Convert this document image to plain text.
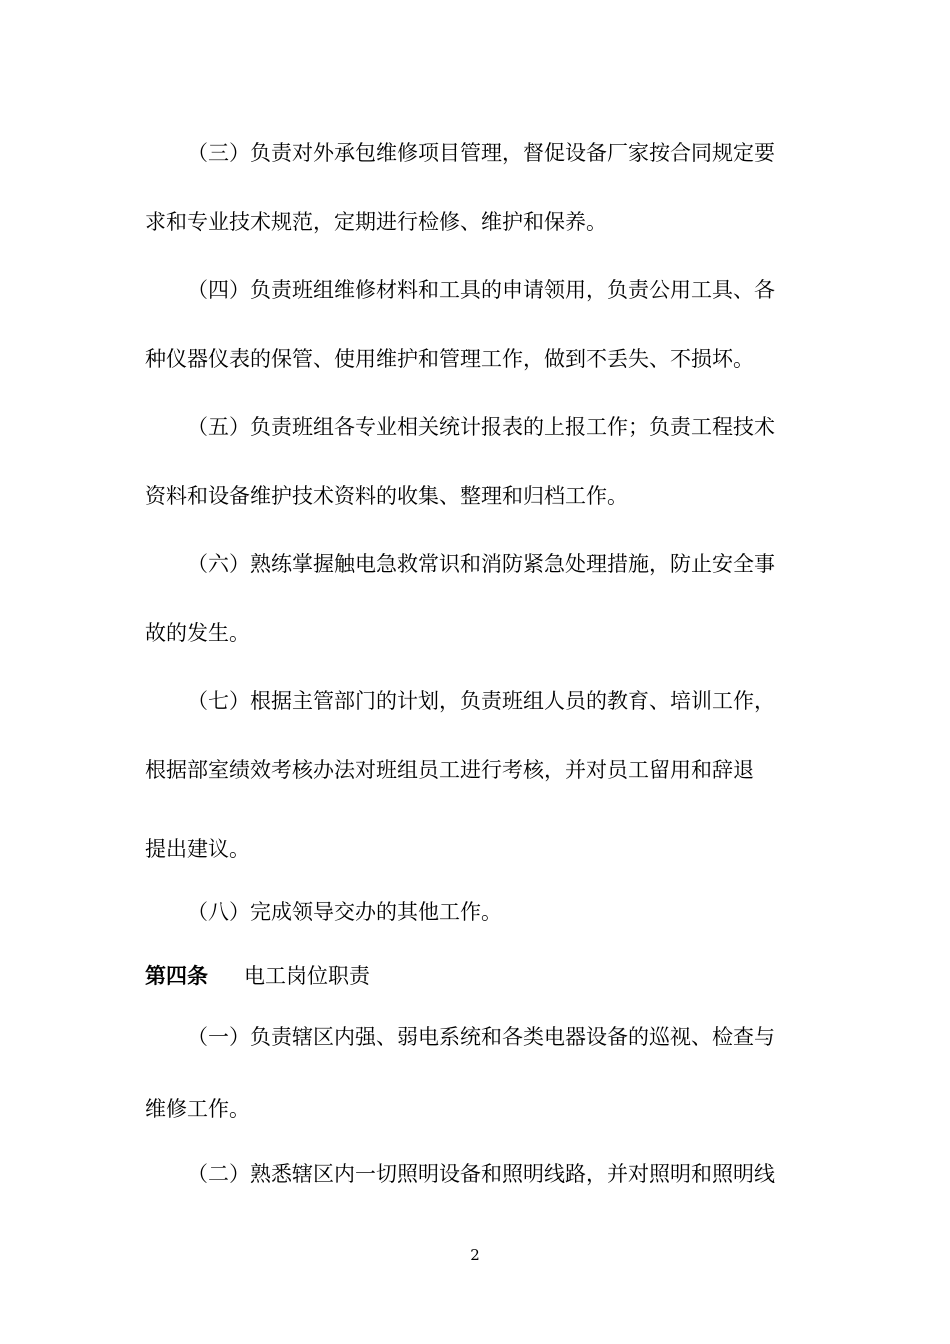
（三）负责对外承包维修项目管理，督促设备厂家按合同规定要
求和专业技术规范，定期进行检修、维护和保养。
（四）负责班组维修材料和工具的申请领用，负责公用工具、各
种仪器仪表的保管、使用维护和管理工作，做到不丢失、不损坏。
（五）负责班组各专业相关统计报表的上报工作；负责工程技术
资料和设备维护技术资料的收集、整理和归档工作。
（六）熟练掌握触电急救常识和消防紧急处理措施，防止安全事
故的发生。
（七）根据主管部门的计划，负责班组人员的教育、培训工作，
根据部室绩效考核办法对班组员工进行考核，并对员工留用和辞退
提出建议。
（八）完成领导交办的其他工作。
第四条 电工岗位职责
（一）负责辖区内强、弱电系统和各类电器设备的巡视、检查与
维修工作。
（二）熟悉辖区内一切照明设备和照明线路，并对照明和照明线
2
